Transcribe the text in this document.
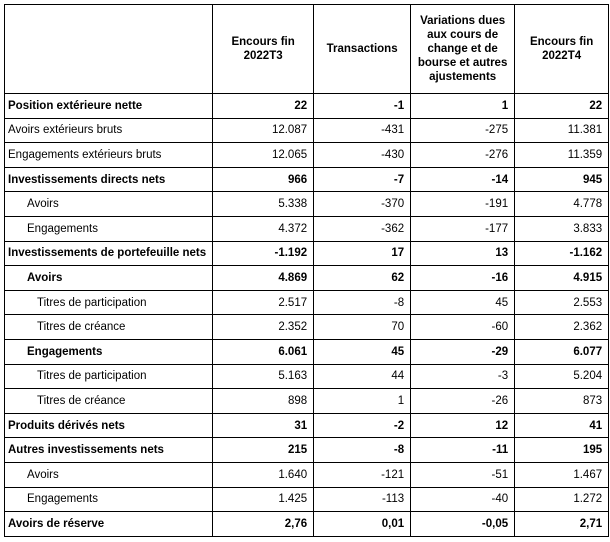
	Encours fin 2022T3	Transactions	Variations dues aux cours de change et de bourse et autres ajustements	Encours fin 2022T4
Position extérieure nette	22	-1	1	22
Avoirs extérieurs bruts	12.087	-431	-275	11.381
Engagements extérieurs bruts	12.065	-430	-276	11.359
Investissements directs nets	966	-7	-14	945
Avoirs	5.338	-370	-191	4.778
Engagements	4.372	-362	-177	3.833
Investissements de portefeuille nets	-1.192	17	13	-1.162
Avoirs	4.869	62	-16	4.915
Titres de participation	2.517	-8	45	2.553
Titres de créance	2.352	70	-60	2.362
Engagements	6.061	45	-29	6.077
Titres de participation	5.163	44	-3	5.204
Titres de créance	898	1	-26	873
Produits dérivés nets	31	-2	12	41
Autres investissements nets	215	-8	-11	195
Avoirs	1.640	-121	-51	1.467
Engagements	1.425	-113	-40	1.272
Avoirs de réserve	2,76	0,01	-0,05	2,71
